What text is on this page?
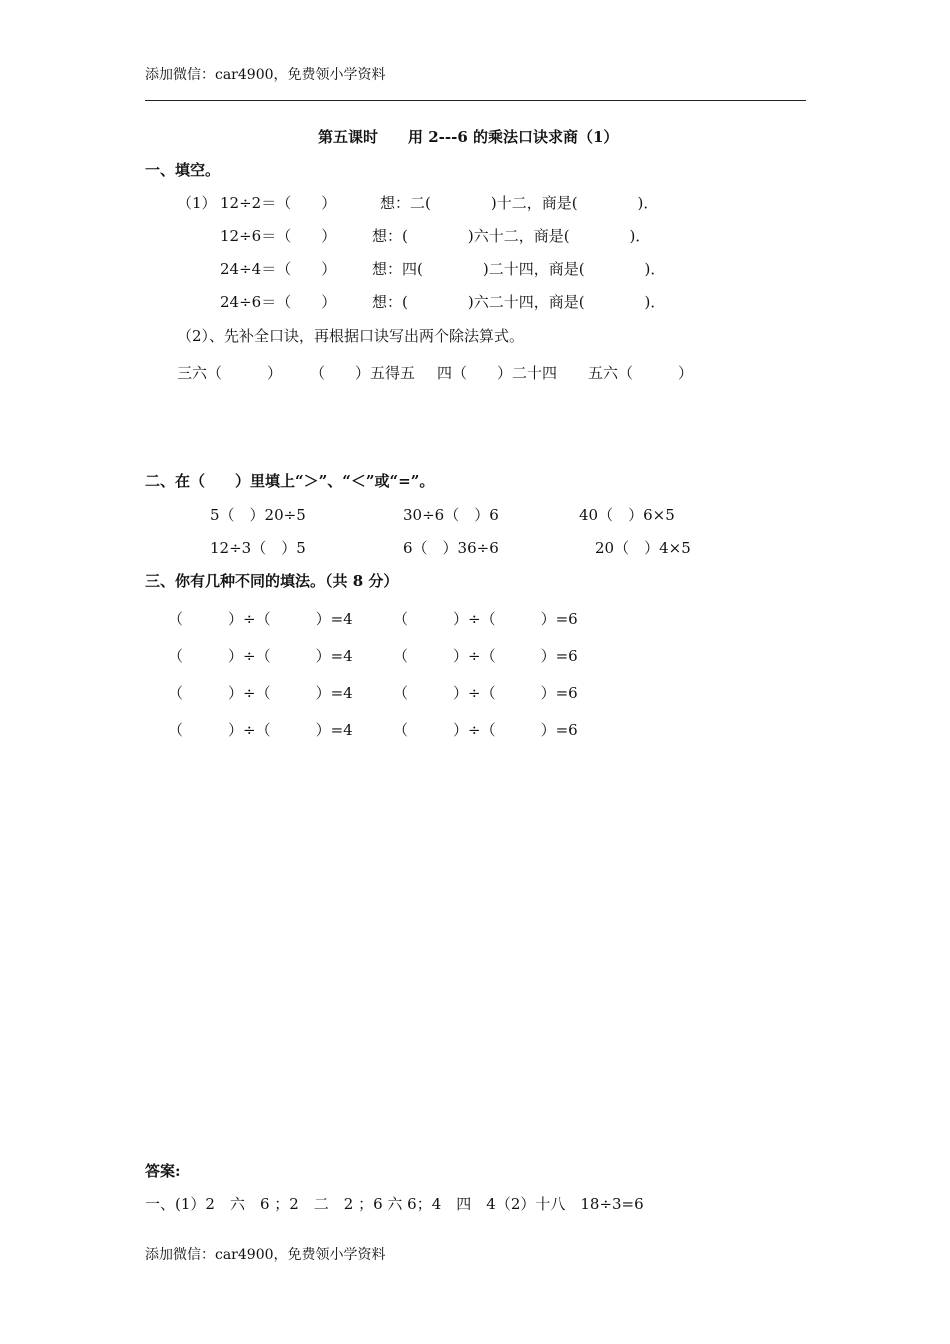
添加微信：car4900，免费领小学资料
第五课时 用 2---6 的乘法口诀求商（1）
一、填空。
（1） 12÷2＝（　　）	想：二(　　　　)十二，商是(　　　　)．
12÷6＝（　　） 想：(　　　　)六十二，商是(　　　　)．
24÷4＝（　　） 想：四(　　　　)二十四，商是(　　　　)．
24÷6＝（　　） 想：(　　　　)六二十四，商是(　　　　)．
（2）、先补全口诀，再根据口诀写出两个除法算式。
三六（　　　） （　　）五得五 四（　　）二十四 五六（　　　）
二、在（　　）里填上“＞”、“＜”或“=”。
5（　）20÷5	30÷6（　）6	40（　）6×5
12÷3（　）5	6（　）36÷6	20（　）4×5
三、你有几种不同的填法。（共 8 分）
（　　　）÷（　　　）=4	（　　　）÷（　　　）=6
（　　　）÷（　　　）=4	（　　　）÷（　　　）=6
（　　　）÷（　　　）=4	（　　　）÷（　　　）=6
（　　　）÷（　　　）=4	（　　　）÷（　　　）=6
答案:
一、(1）2　六　6 ；2　二　2 ；6 六 6；4　四　4（2）十八　18÷3=6
添加微信：car4900，免费领小学资料
